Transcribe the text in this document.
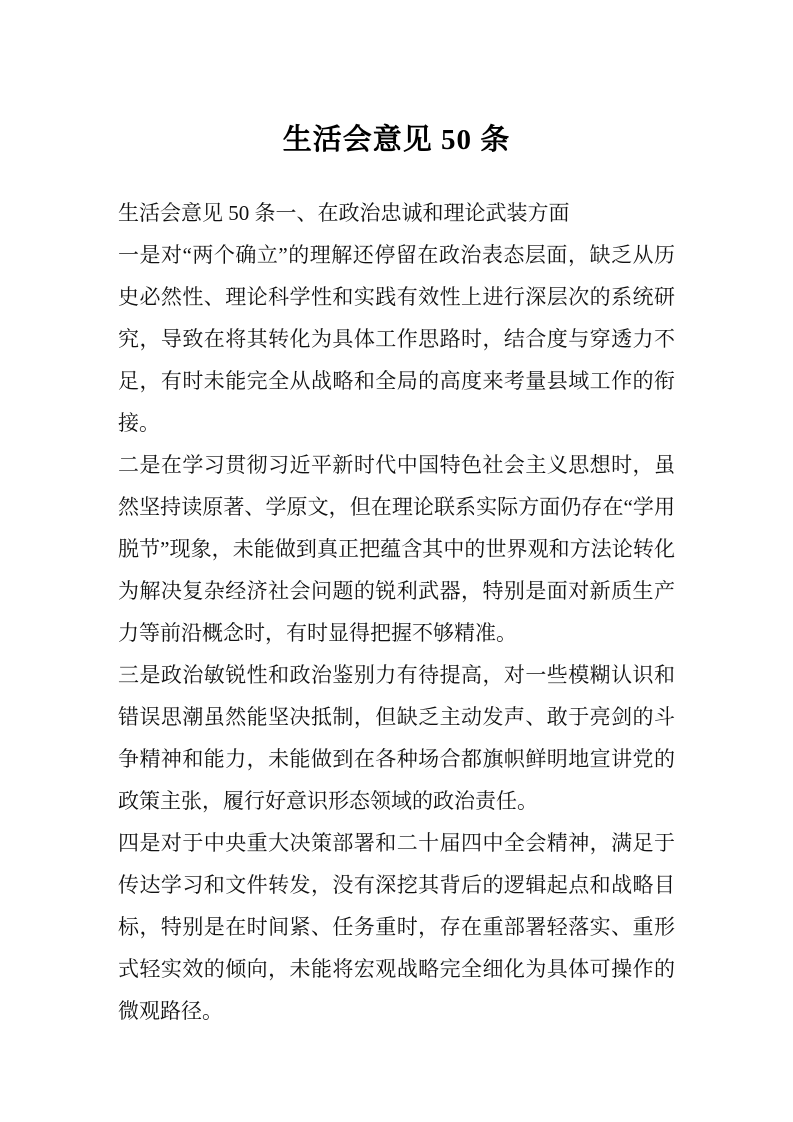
生活会意见 50 条

生活会意见 50 条一、在政治忠诚和理论武装方面

一是对“两个确立”的理解还停留在政治表态层面，缺乏从历史必然性、理论科学性和实践有效性上进行深层次的系统研究，导致在将其转化为具体工作思路时，结合度与穿透力不足，有时未能完全从战略和全局的高度来考量县域工作的衔接。

二是在学习贯彻习近平新时代中国特色社会主义思想时，虽然坚持读原著、学原文，但在理论联系实际方面仍存在“学用脱节”现象，未能做到真正把蕴含其中的世界观和方法论转化为解决复杂经济社会问题的锐利武器，特别是面对新质生产力等前沿概念时，有时显得把握不够精准。

三是政治敏锐性和政治鉴别力有待提高，对一些模糊认识和错误思潮虽然能坚决抵制，但缺乏主动发声、敢于亮剑的斗争精神和能力，未能做到在各种场合都旗帜鲜明地宣讲党的政策主张，履行好意识形态领域的政治责任。

四是对于中央重大决策部署和二十届四中全会精神，满足于传达学习和文件转发，没有深挖其背后的逻辑起点和战略目标，特别是在时间紧、任务重时，存在重部署轻落实、重形式轻实效的倾向，未能将宏观战略完全细化为具体可操作的微观路径。
